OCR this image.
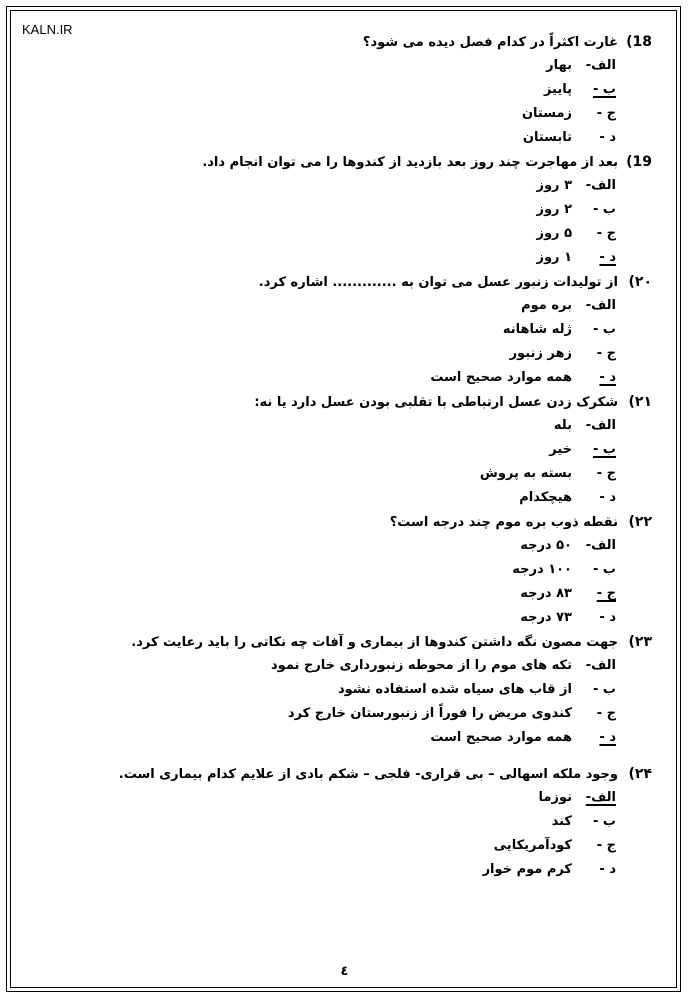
KALN.IR
18)
غارت اکثراً در کدام فصل دیده می شود؟
الف-
بهار
ب -
پاییز
ج -
زمستان
د -
تابستان
19)
بعد از مهاجرت چند روز بعد بازدید از کندوها را می توان انجام داد.
الف-
۳ روز
ب -
۲ روز
ج -
۵ روز
د -
۱ روز
۲۰)
از تولیدات زنبور عسل می توان به ............. اشاره کرد.
الف-
بره موم
ب -
ژله شاهانه
ج -
زهر زنبور
د -
همه موارد صحیح است
۲۱)
شکرک زدن عسل ارتباطی با تقلبی بودن عسل دارد یا نه:
الف-
بله
ب -
خیر
ج -
بسته به پروش
د -
هیچکدام
۲۲)
نقطه ذوب بره موم چند درجه است؟
الف-
۵۰ درجه
ب -
۱۰۰ درجه
ج -
۸۳ درجه
د -
۷۳ درجه
۲۳)
جهت مصون نگه داشتن کندوها از بیماری و آفات چه نکاتی را باید رعایت کرد.
الف-
تکه های موم را از محوطه زنبورداری خارج نمود
ب -
از قاب های سیاه شده استفاده نشود
ج -
کندوی مریض را فوراً از زنبورستان خارج کرد
د -
همه موارد صحیح است
۲۴)
وجود ملکه اسهالی – بی قراری- فلجی – شکم بادی از علایم کدام بیماری است.
الف-
نوزما
ب -
کند
ج -
کودآمریکایی
د -
کرم موم خوار
٤
